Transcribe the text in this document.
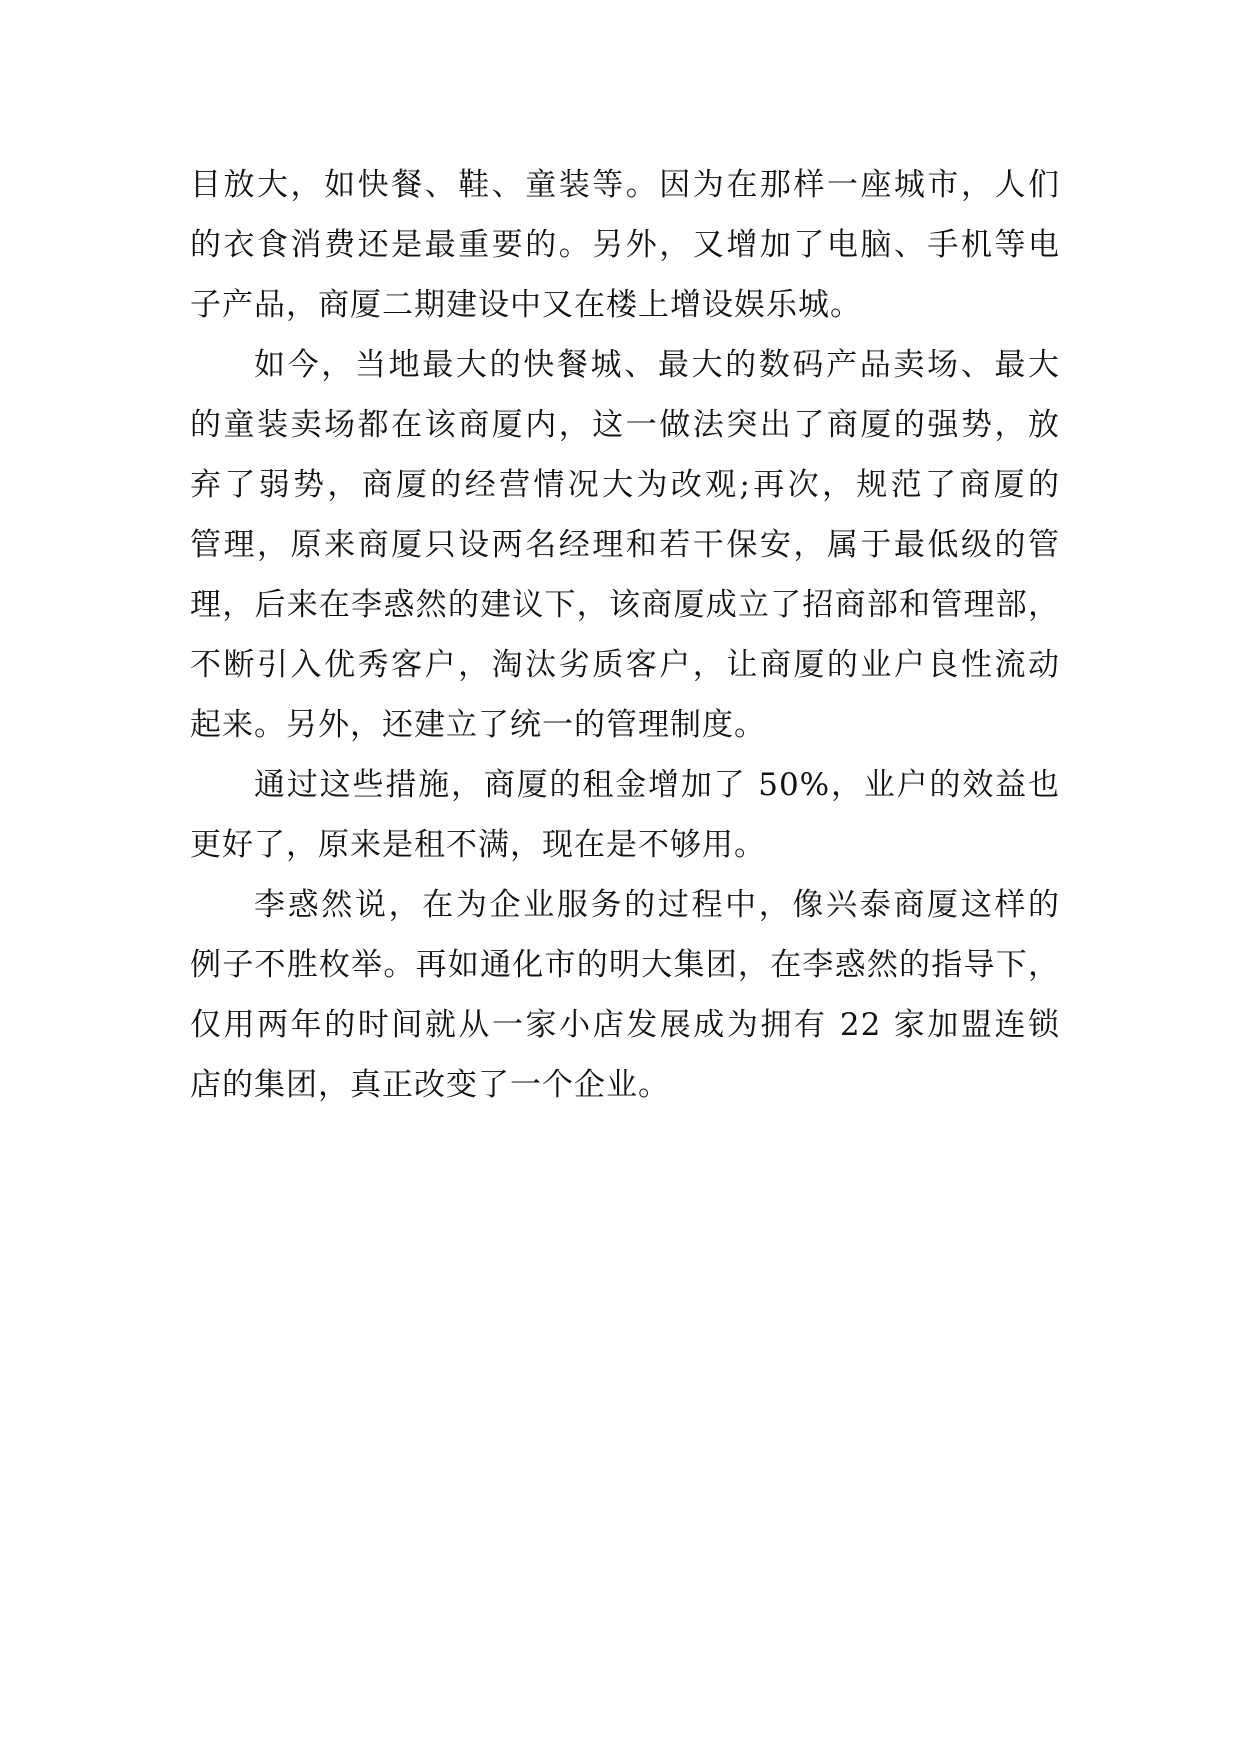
目放大，如快餐、鞋、童装等。因为在那样一座城市，人们
的衣食消费还是最重要的。另外，又增加了电脑、手机等电
子产品，商厦二期建设中又在楼上增设娱乐城。
如今，当地最大的快餐城、最大的数码产品卖场、最大
的童装卖场都在该商厦内，这一做法突出了商厦的强势，放
弃了弱势，商厦的经营情况大为改观;再次，规范了商厦的
管理，原来商厦只设两名经理和若干保安，属于最低级的管
理，后来在李惑然的建议下，该商厦成立了招商部和管理部，
不断引入优秀客户，淘汰劣质客户，让商厦的业户良性流动
起来。另外，还建立了统一的管理制度。
通过这些措施，商厦的租金增加了 50%，业户的效益也
更好了，原来是租不满，现在是不够用。
李惑然说，在为企业服务的过程中，像兴泰商厦这样的
例子不胜枚举。再如通化市的明大集团，在李惑然的指导下，
仅用两年的时间就从一家小店发展成为拥有 22 家加盟连锁
店的集团，真正改变了一个企业。
